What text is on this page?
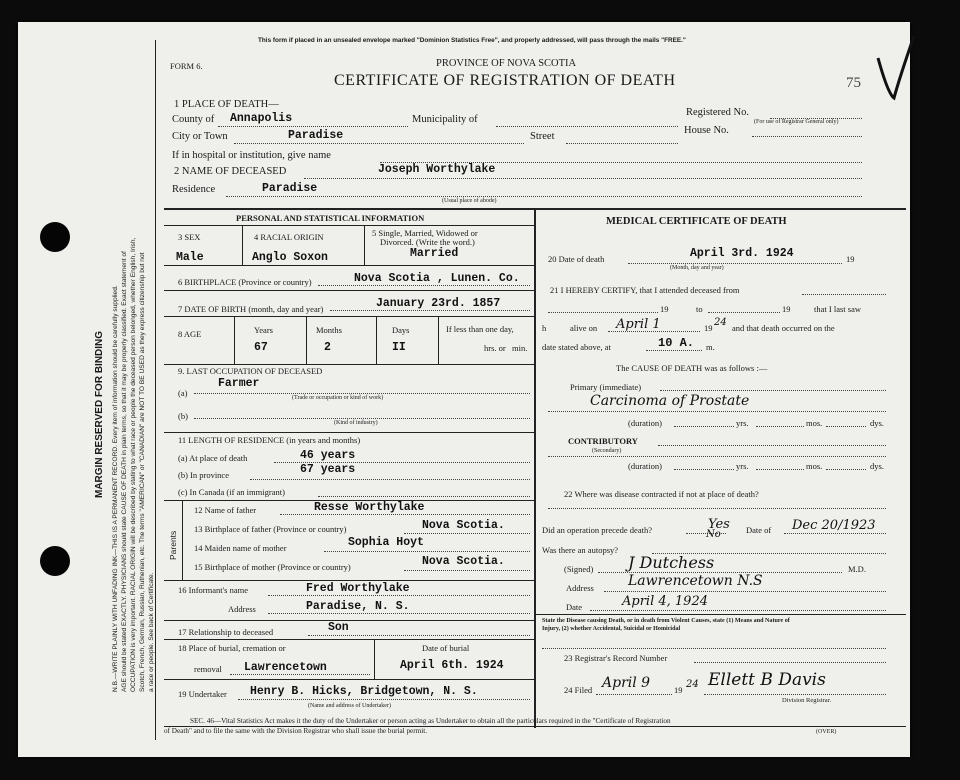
MARGIN RESERVED FOR BINDING N.B.—WRITE PLAINLY WITH UNFADING INK—THIS IS A PERMANENT RECORD. Every item of information should be carefully supplied. AGE should be stated EXACTLY. PHYSICIANS should state CAUSE OF DEATH in plain terms, so that it may be properly classified. Exact statement of OCCUPATION is very important. RACIAL ORIGIN will be described by stating to what race or people the deceased person belonged, whether English, Irish, Scotch, French, German, Russian, Ruthenian, etc. The terms "AMERICAN" or "CANADIAN" are NOT TO BE USED as they express citizenship but not a race or people. See back of Certificate.
This form if placed in an unsealed envelope marked "Dominion Statistics Free", and properly addressed, will pass through the mails "FREE."
FORM 6.	PROVINCE OF NOVA SCOTIA
CERTIFICATE OF REGISTRATION OF DEATH	75
1 PLACE OF DEATH—
County of Annapolis	Municipality of
Registered No.
(For use of Registrar General only)
City or Town	Paradise	Street
House No.
If in hospital or institution, give name
2 NAME OF DECEASED	Joseph Worthylake
Residence	Paradise
(Usual place of abode)
PERSONAL AND STATISTICAL INFORMATION
3 SEX	4 RACIAL ORIGIN	5 Single, Married, Widowed or
Divorced. (Write the word.)
Male	Anglo Soxon	Married
6 BIRTHPLACE (Province or country)	Nova Scotia , Lunen. Co.
7 DATE OF BIRTH (month, day and year)	January 23rd. 1857
8 AGE	Years
67
Months
2
Days
II
If less than one day,
hrs. or min.
9. LAST OCCUPATION OF DECEASED
(a)
Farmer
(Trade or occupation or kind of work)
(b)
(Kind of industry)
11 LENGTH OF RESIDENCE (in years and months)
(a) At place of death	46 years
(b) In province	67 years
(c) In Canada (if an immigrant)
Parents
12 Name of father	Resse Worthylake
13 Birthplace of father (Province or country)	Nova Scotia.
14 Maiden name of mother	Sophia Hoyt
15 Birthplace of mother (Province or country)	Nova Scotia.
16 Informant's name	Fred Worthylake
Address	Paradise, N. S.
17 Relationship to deceased	Son
18 Place of burial, cremation or
removal Lawrencetown
Date of burial
April 6th. 1924
19 Undertaker Henry B. Hicks, Bridgetown, N. S.
(Name and address of Undertaker)
MEDICAL CERTIFICATE OF DEATH
20 Date of death	April 3rd. 1924	19
(Month, day and year)
21 I HEREBY CERTIFY, that I attended deceased from
19	to	19	that I last saw
h	alive on April 1	19 24 and that death occurred on the
date stated above, at	10 A. m.
The CAUSE OF DEATH was as follows :—
Primary (immediate)
Carcinoma of Prostate
(duration)	yrs.	mos.	dys.
CONTRIBUTORY
(Secondary)
(duration)	yrs.	mos.	dys.
22 Where was disease contracted if not at place of death?
Did an operation precede death?	Yes Date of Dec 20/1923
Was there an autopsy?
No
(Signed) J Dutchess	M.D.
Address Lawrencetown N.S
Date	April 4, 1924
State the Disease causing Death, or in death from Violent Causes, state (1) Means and Nature of
Injury, (2) whether Accidental, Suicidal or Homicidal
23 Registrar's Record Number
24 Filed April 9	19 24 Ellett B Davis
Division Registrar.
SEC. 46—Vital Statistics Act makes it the duty of the Undertaker or person acting as Undertaker to obtain all the particulars required in the "Certificate of Registration
of Death" and to file the same with the Division Registrar who shall issue the burial permit.	(OVER)
